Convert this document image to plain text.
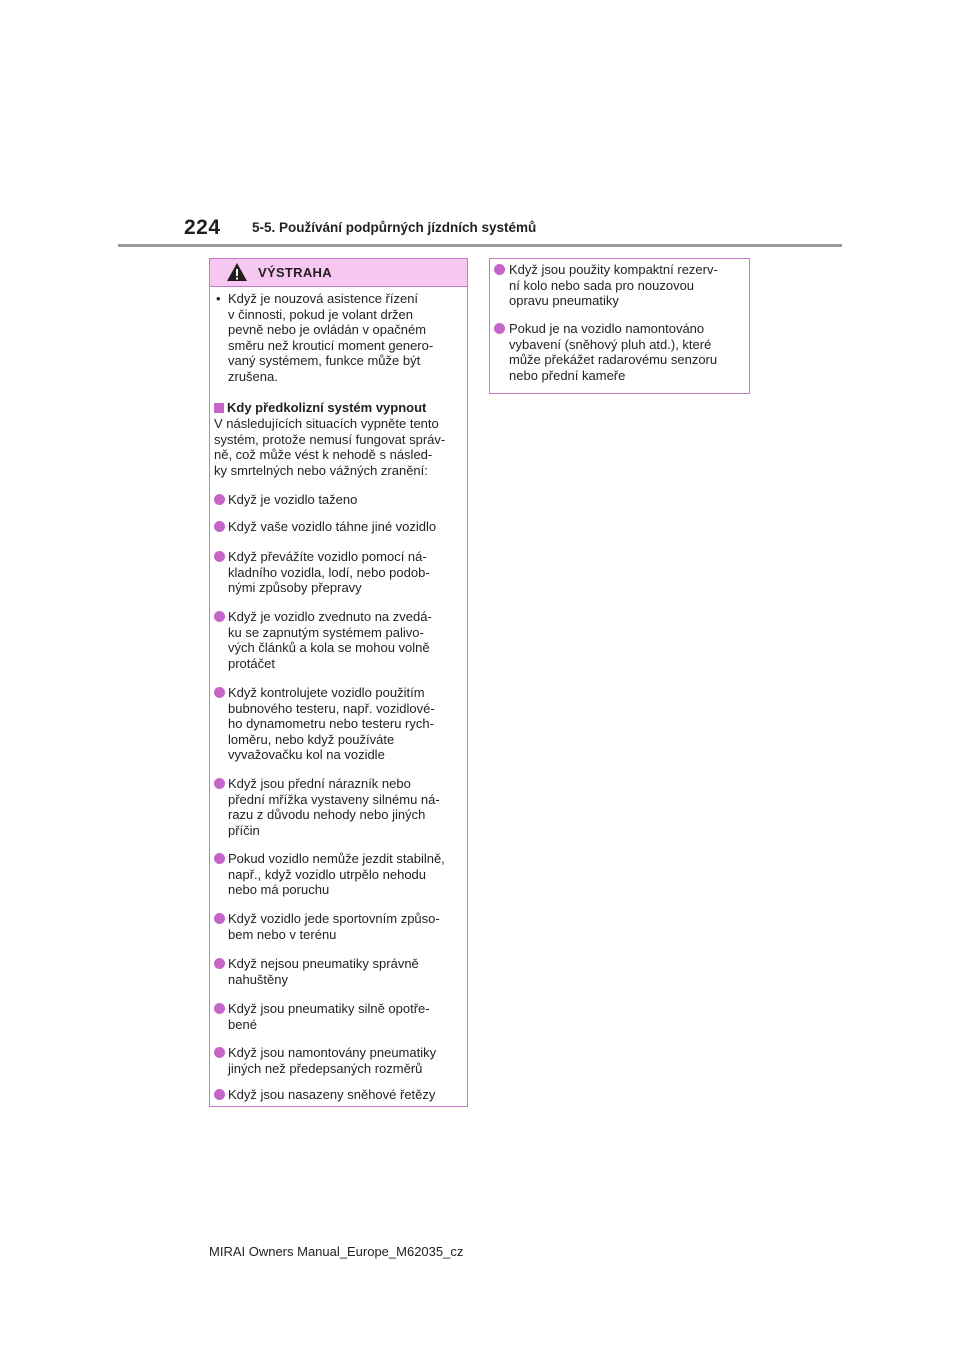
224 5-5. Používání podpůrných jízdních systémů
VÝSTRAHA
• Když je nouzová asistence řízení
v činnosti, pokud je volant držen
pevně nebo je ovládán v opačném
směru než krouticí moment genero-
vaný systémem, funkce může být
zrušena.
Kdy předkolizní systém vypnout
V následujících situacích vypněte tento
systém, protože nemusí fungovat správ-
ně, což může vést k nehodě s násled-
ky smrtelných nebo vážných zranění:
Když je vozidlo taženo
Když vaše vozidlo táhne jiné vozidlo
Když převážíte vozidlo pomocí ná-
kladního vozidla, lodí, nebo podob-
nými způsoby přepravy
Když je vozidlo zvednuto na zvedá-
ku se zapnutým systémem palivo-
vých článků a kola se mohou volně
protáčet
Když kontrolujete vozidlo použitím
bubnového testeru, např. vozidlové-
ho dynamometru nebo testeru rych-
loměru, nebo když používáte
vyvažovačku kol na vozidle
Když jsou přední nárazník nebo
přední mřížka vystaveny silnému ná-
razu z důvodu nehody nebo jiných
příčin
Pokud vozidlo nemůže jezdit stabilně,
např., když vozidlo utrpělo nehodu
nebo má poruchu
Když vozidlo jede sportovním způso-
bem nebo v terénu
Když nejsou pneumatiky správně
nahuštěny
Když jsou pneumatiky silně opotře-
bené
Když jsou namontovány pneumatiky
jiných než předepsaných rozměrů
Když jsou nasazeny sněhové řetězy
Když jsou použity kompaktní rezerv-
ní kolo nebo sada pro nouzovou
opravu pneumatiky
Pokud je na vozidlo namontováno
vybavení (sněhový pluh atd.), které
může překážet radarovému senzoru
nebo přední kameře
MIRAI Owners Manual_Europe_M62035_cz
